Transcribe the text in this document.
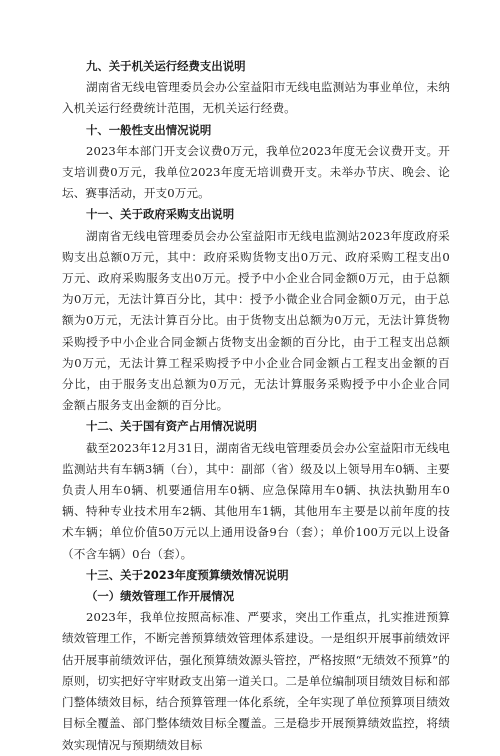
九、关于机关运行经费支出说明

湖南省无线电管理委员会办公室益阳市无线电监测站为事业单位，未纳入机关运行经费统计范围，无机关运行经费。

十、一般性支出情况说明

2023年本部门开支会议费0万元，我单位2023年度无会议费开支。开支培训费0万元，我单位2023年度无培训费开支。未举办节庆、晚会、论坛、赛事活动，开支0万元。

十一、关于政府采购支出说明

湖南省无线电管理委员会办公室益阳市无线电监测站2023年度政府采购支出总额0万元，其中：政府采购货物支出0万元、政府采购工程支出0万元、政府采购服务支出0万元。授予中小企业合同金额0万元，由于总额为0万元，无法计算百分比，其中：授予小微企业合同金额0万元，由于总额为0万元，无法计算百分比。由于货物支出总额为0万元，无法计算货物采购授予中小企业合同金额占货物支出金额的百分比，由于工程支出总额为0万元，无法计算工程采购授予中小企业合同金额占工程支出金额的百分比，由于服务支出总额为0万元，无法计算服务采购授予中小企业合同金额占服务支出金额的百分比。

十二、关于国有资产占用情况说明

截至2023年12月31日，湖南省无线电管理委员会办公室益阳市无线电监测站共有车辆3辆（台），其中：副部（省）级及以上领导用车0辆、主要负责人用车0辆、机要通信用车0辆、应急保障用车0辆、执法执勤用车0辆、特种专业技术用车2辆、其他用车1辆，其他用车主要是以前年度的技术车辆；单位价值50万元以上通用设备9台（套）；单价100万元以上设备（不含车辆）0台（套）。

十三、关于2023年度预算绩效情况说明

（一）绩效管理工作开展情况

2023年，我单位按照高标准、严要求，突出工作重点，扎实推进预算绩效管理工作，不断完善预算绩效管理体系建设。一是组织开展事前绩效评估开展事前绩效评估，强化预算绩效源头管控，严格按照“无绩效不预算”的原则，切实把好守牢财政支出第一道关口。二是单位编制项目绩效目标和部门整体绩效目标，结合预算管理一体化系统，全年实现了单位预算项目绩效目标全覆盖、部门整体绩效目标全覆盖。三是稳步开展预算绩效监控，将绩效实现情况与预期绩效目标
